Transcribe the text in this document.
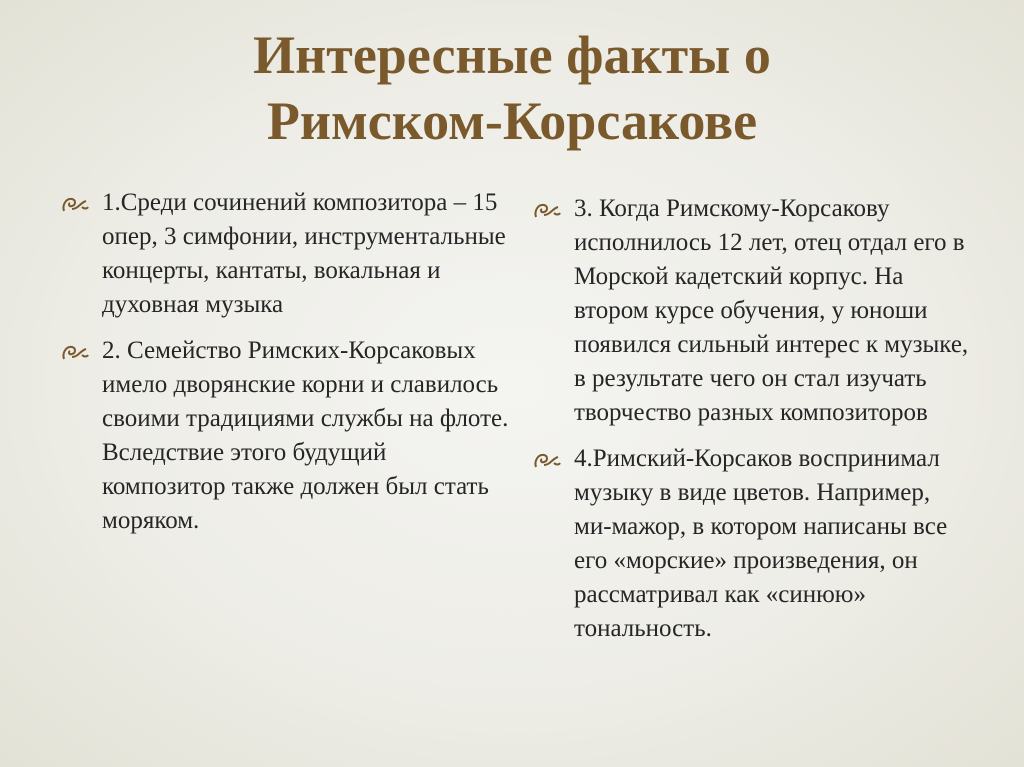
Интересные факты о
Римском-Корсакове
1.Среди сочинений композитора – 15 опер, 3 симфонии, инструментальные концерты, кантаты, вокальная и духовная музыка
2. Семейство Римских-Корсаковых имело дворянские корни и славилось своими традициями службы на флоте. Вследствие этого будущий композитор также должен был стать моряком.
3. Когда Римскому-Корсакову исполнилось 12 лет, отец отдал его в Морской кадетский корпус. На втором курсе обучения, у юноши появился сильный интерес к музыке, в результате чего он стал изучать творчество разных композиторов
4.Римский-Корсаков воспринимал музыку в виде цветов. Например, ми-мажор, в котором написаны все его «морские» произведения, он рассматривал как «синюю» тональность.
